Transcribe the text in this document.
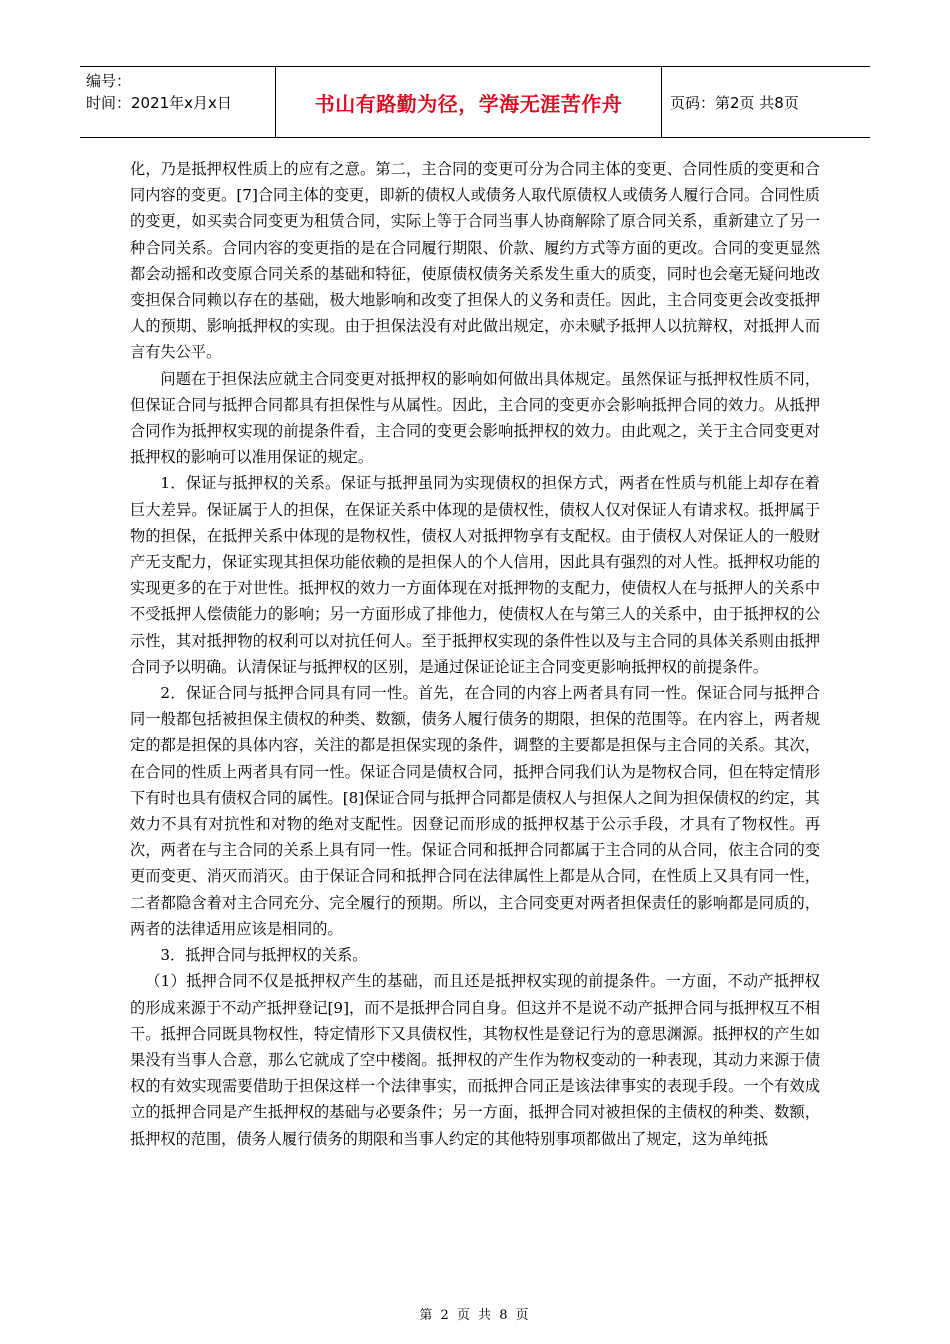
编号：
时间：2021年x月x日	书山有路勤为径，学海无涯苦作舟	页码：第2页 共8页

化，乃是抵押权性质上的应有之意。第二，主合同的变更可分为合同主体的变更、合同性质的变更和合同内容的变更。[7]合同主体的变更，即新的债权人或债务人取代原债权人或债务人履行合同。合同性质的变更，如买卖合同变更为租赁合同，实际上等于合同当事人协商解除了原合同关系，重新建立了另一种合同关系。合同内容的变更指的是在合同履行期限、价款、履约方式等方面的更改。合同的变更显然都会动摇和改变原合同关系的基础和特征，使原债权债务关系发生重大的质变，同时也会毫无疑问地改变担保合同赖以存在的基础，极大地影响和改变了担保人的义务和责任。因此，主合同变更会改变抵押人的预期、影响抵押权的实现。由于担保法没有对此做出规定，亦未赋予抵押人以抗辩权，对抵押人而言有失公平。

问题在于担保法应就主合同变更对抵押权的影响如何做出具体规定。虽然保证与抵押权性质不同，但保证合同与抵押合同都具有担保性与从属性。因此，主合同的变更亦会影响抵押合同的效力。从抵押合同作为抵押权实现的前提条件看，主合同的变更会影响抵押权的效力。由此观之，关于主合同变更对抵押权的影响可以准用保证的规定。

1．保证与抵押权的关系。保证与抵押虽同为实现债权的担保方式，两者在性质与机能上却存在着巨大差异。保证属于人的担保，在保证关系中体现的是债权性，债权人仅对保证人有请求权。抵押属于物的担保，在抵押关系中体现的是物权性，债权人对抵押物享有支配权。由于债权人对保证人的一般财产无支配力，保证实现其担保功能依赖的是担保人的个人信用，因此具有强烈的对人性。抵押权功能的实现更多的在于对世性。抵押权的效力一方面体现在对抵押物的支配力，使债权人在与抵押人的关系中不受抵押人偿债能力的影响；另一方面形成了排他力，使债权人在与第三人的关系中，由于抵押权的公示性，其对抵押物的权利可以对抗任何人。至于抵押权实现的条件性以及与主合同的具体关系则由抵押合同予以明确。认清保证与抵押权的区别，是通过保证论证主合同变更影响抵押权的前提条件。

2．保证合同与抵押合同具有同一性。首先，在合同的内容上两者具有同一性。保证合同与抵押合同一般都包括被担保主债权的种类、数额，债务人履行债务的期限，担保的范围等。在内容上，两者规定的都是担保的具体内容，关注的都是担保实现的条件，调整的主要都是担保与主合同的关系。其次，在合同的性质上两者具有同一性。保证合同是债权合同，抵押合同我们认为是物权合同，但在特定情形下有时也具有债权合同的属性。[8]保证合同与抵押合同都是债权人与担保人之间为担保债权的约定，其效力不具有对抗性和对物的绝对支配性。因登记而形成的抵押权基于公示手段，才具有了物权性。再次，两者在与主合同的关系上具有同一性。保证合同和抵押合同都属于主合同的从合同，依主合同的变更而变更、消灭而消灭。由于保证合同和抵押合同在法律属性上都是从合同，在性质上又具有同一性，二者都隐含着对主合同充分、完全履行的预期。所以，主合同变更对两者担保责任的影响都是同质的，两者的法律适用应该是相同的。

3．抵押合同与抵押权的关系。

（1）抵押合同不仅是抵押权产生的基础，而且还是抵押权实现的前提条件。一方面，不动产抵押权的形成来源于不动产抵押登记[9]，而不是抵押合同自身。但这并不是说不动产抵押合同与抵押权互不相干。抵押合同既具物权性，特定情形下又具债权性，其物权性是登记行为的意思渊源。抵押权的产生如果没有当事人合意，那么它就成了空中楼阁。抵押权的产生作为物权变动的一种表现，其动力来源于债权的有效实现需要借助于担保这样一个法律事实，而抵押合同正是该法律事实的表现手段。一个有效成立的抵押合同是产生抵押权的基础与必要条件；另一方面，抵押合同对被担保的主债权的种类、数额，抵押权的范围，债务人履行债务的期限和当事人约定的其他特别事项都做出了规定，这为单纯抵

第 2 页 共 8 页
